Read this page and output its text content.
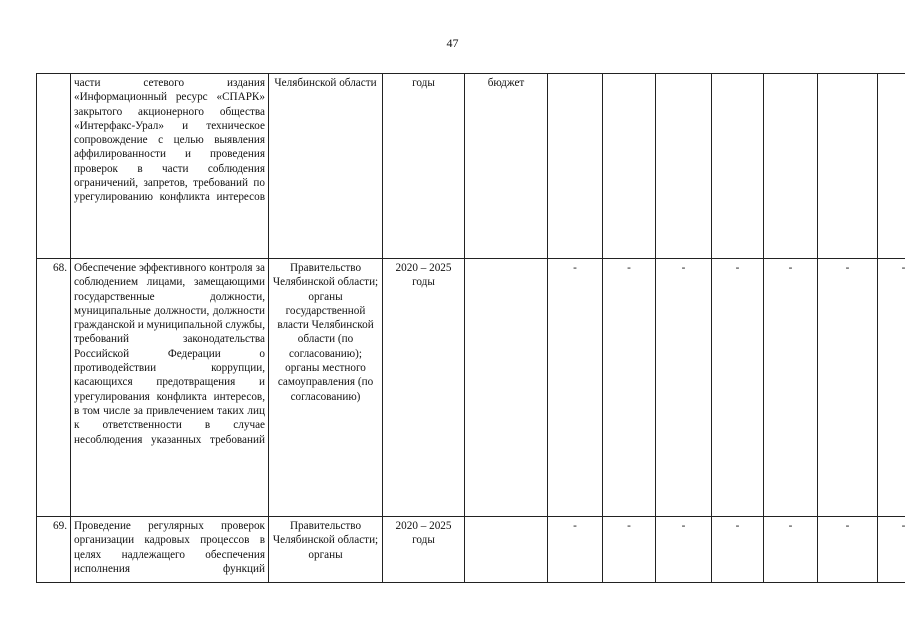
47
	части сетевого издания «Информационный ресурс «СПАРК» закрытого акционерного общества «Интерфакс-Урал» и техническое сопровождение с целью выявления аффилированности и проведения проверок в части соблюдения ограничений, запретов, требований по урегулированию конфликта интересов	Челябинской области	годы	бюджет							
68.	Обеспечение эффективного контроля за соблюдением лицами, замещающими государственные должности, муниципальные должности, должности гражданской и муниципальной службы, требований законодательства Российской Федерации о противодействии коррупции, касающихся предотвращения и урегулирования конфликта интересов, в том числе за привлечением таких лиц к ответственности в случае несоблюдения указанных требований	Правительство Челябинской области; органы государственной власти Челябинской области (по согласованию); органы местного самоуправления (по согласованию)	2020 – 2025 годы		-	-	-	-	-	-	-
69.	Проведение регулярных проверок организации кадровых процессов в целях надлежащего обеспечения исполнения функций	Правительство Челябинской области; органы	2020 – 2025 годы		-	-	-	-	-	-	-
